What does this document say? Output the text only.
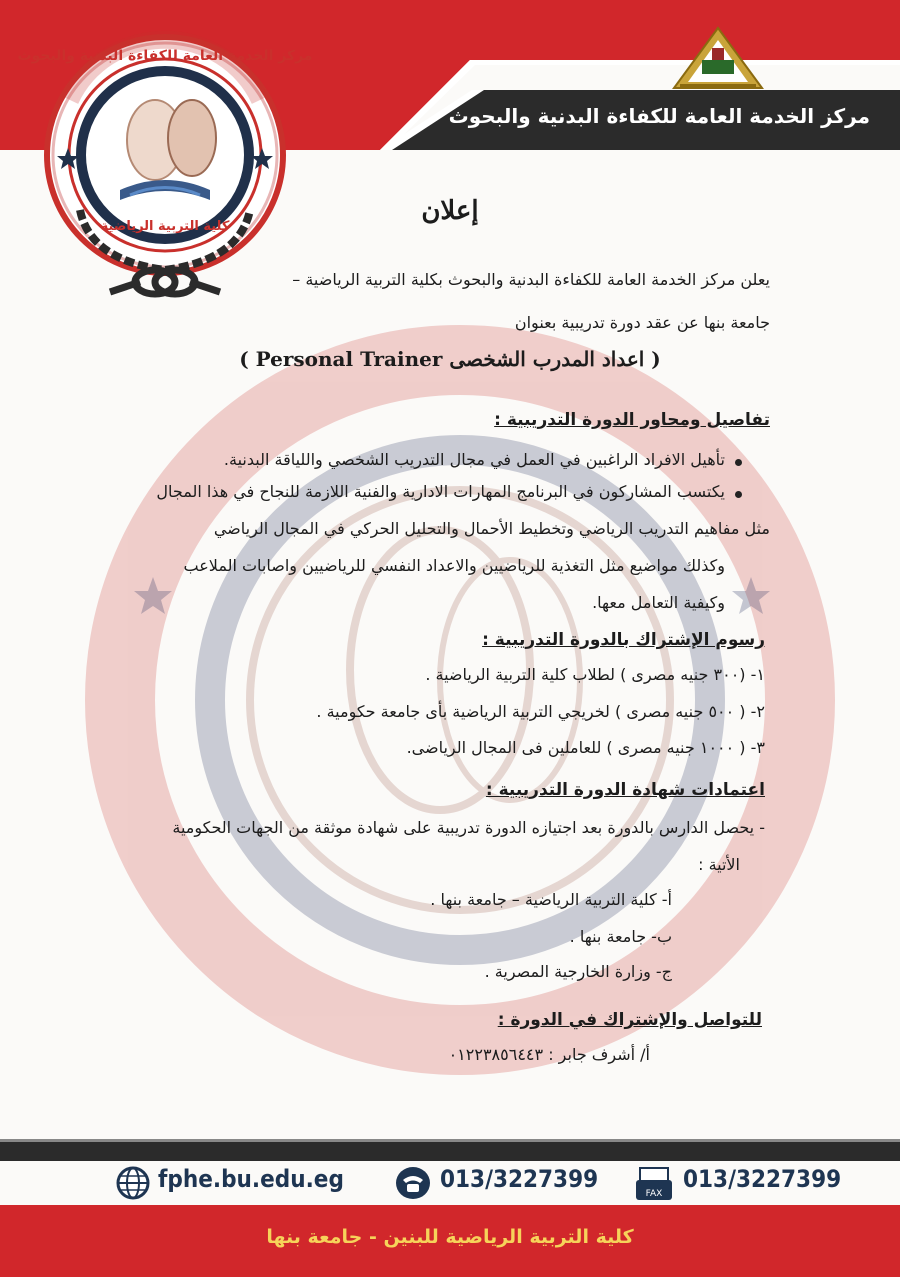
مركز الخدمة العامة للكفاءة البدنية والبحوث
مركز الخدمة العامة للكفاءة البدنية والبحوث
كلية التربية الرياضية
إعلان
يعلن مركز الخدمة العامة للكفاءة البدنية والبحوث بكلية التربية الرياضية –
جامعة بنها عن عقد دورة تدريبية بعنوان
( اعداد المدرب الشخصى Personal Trainer )
تفاصيل ومحاور الدورة التدريبية :
تأهيل الافراد الراغبين في العمل في مجال التدريب الشخصي واللياقة البدنية.
يكتسب المشاركون في البرنامج المهارات الادارية والفنية اللازمة للنجاح في هذا المجال
مثل مفاهيم التدريب الرياضي وتخطيط الأحمال والتحليل الحركي في المجال الرياضي
وكذلك مواضيع مثل التغذية للرياضيين والاعداد النفسي للرياضيين واصابات الملاعب
وكيفية التعامل معها.
رسوم الإشتراك بالدورة التدريبية :
١- (٣٠٠ جنيه مصرى ) لطلاب كلية التربية الرياضية .
٢- ( ٥٠٠ جنيه مصرى ) لخريجي التربية الرياضية بأى جامعة حكومية .
٣- ( ١٠٠٠ جنيه مصرى ) للعاملين فى المجال الرياضى.
اعتمادات شهادة الدورة التدريبية :
- يحصل الدارس بالدورة بعد اجتيازه الدورة تدريبية على شهادة موثقة من الجهات الحكومية
الأتية :
أ- كلية التربية الرياضية – جامعة بنها .
ب- جامعة بنها .
ج- وزارة الخارجية المصرية .
للتواصل والإشتراك في الدورة :
أ/ أشرف جابر : ٠١٢٢٣٨٥٦٤٤٣
fphe.bu.edu.eg	013/3227399
FAX
013/3227399
كلية التربية الرياضية للبنين - جامعة بنها
